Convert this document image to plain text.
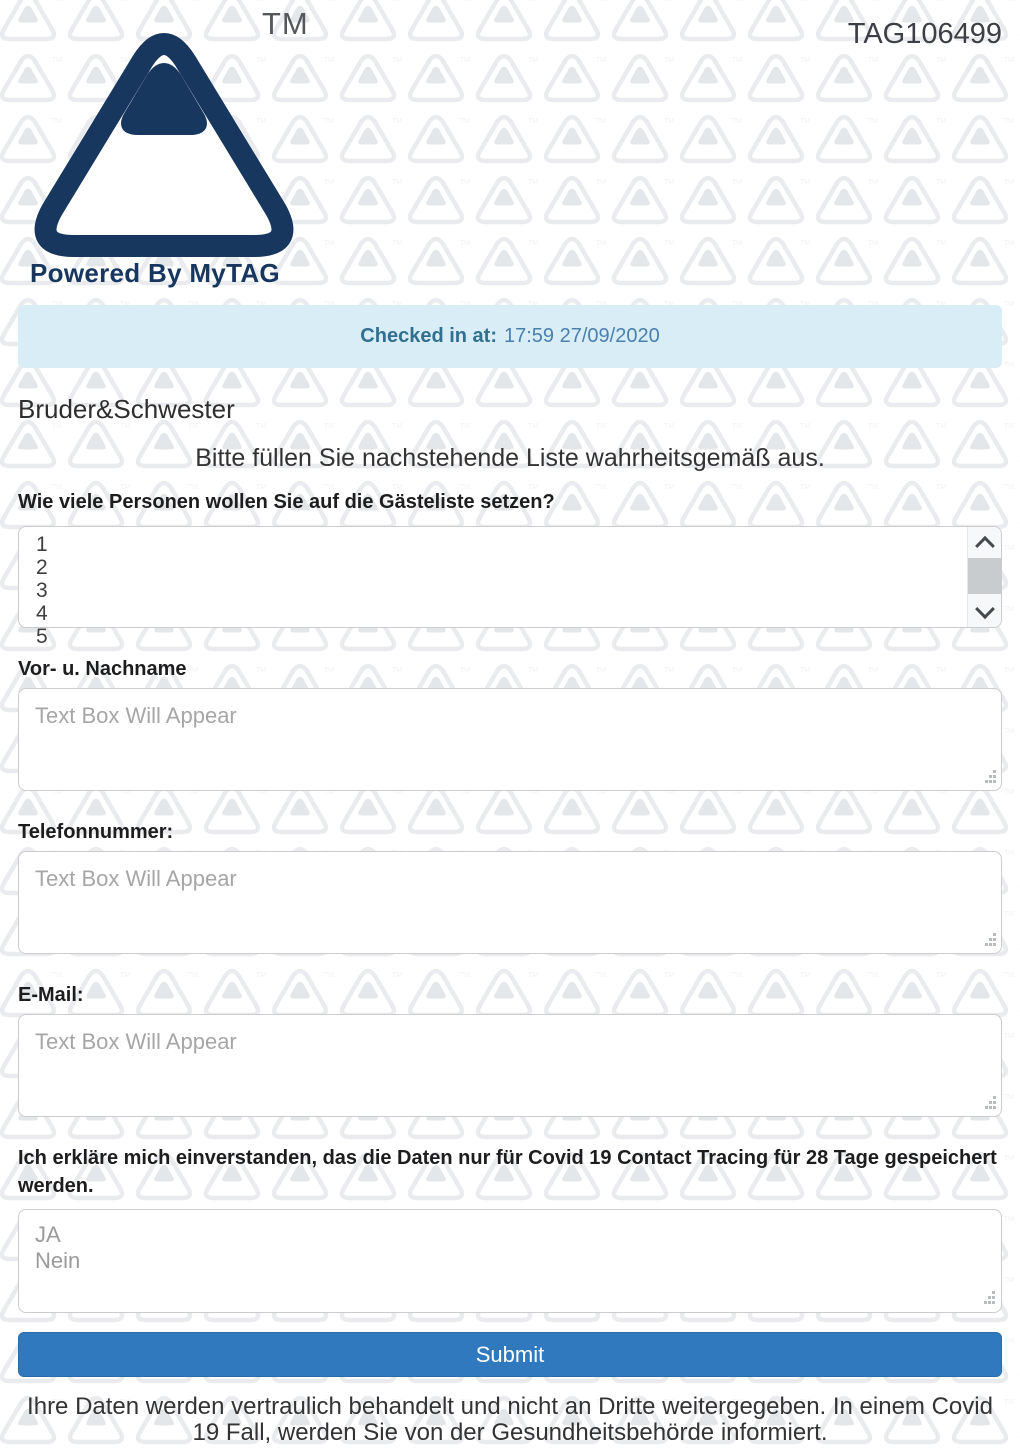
TM	TAG106499
Powered By MyTAG
Checked in at: 17:59 27/09/2020
Bruder&Schwester
Bitte füllen Sie nachstehende Liste wahrheitsgemäß aus.
Wie viele Personen wollen Sie auf die Gästeliste setzen?
1
2
3
4
5
Vor- u. Nachname
Text Box Will Appear
Telefonnummer:
Text Box Will Appear
E-Mail:
Text Box Will Appear
Ich erkläre mich einverstanden, das die Daten nur für Covid 19 Contact Tracing für 28 Tage gespeichert werden.
JA
Nein
Submit
Ihre Daten werden vertraulich behandelt und nicht an Dritte weitergegeben. In einem Covid 19 Fall, werden Sie von der Gesundheitsbehörde informiert.
